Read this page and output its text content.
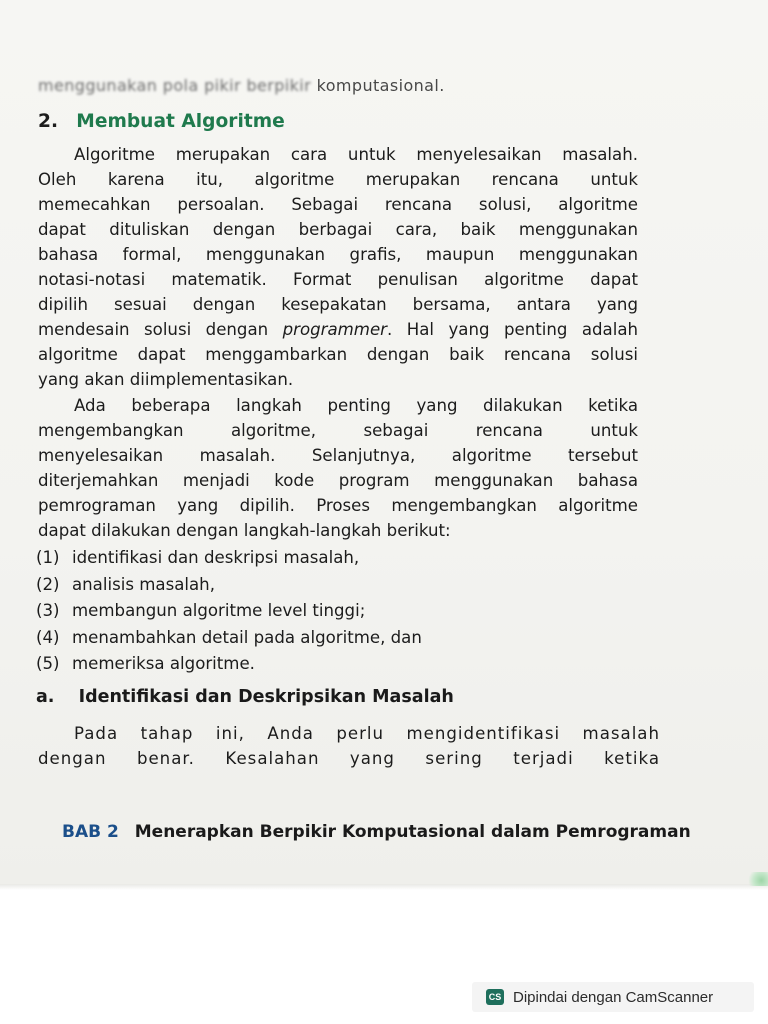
menggunakan pola pikir berpikir komputasional.
2. Membuat Algoritme
Algoritme merupakan cara untuk menyelesaikan masalah.
Oleh karena itu, algoritme merupakan rencana untuk
memecahkan persoalan. Sebagai rencana solusi, algoritme
dapat dituliskan dengan berbagai cara, baik menggunakan
bahasa formal, menggunakan grafis, maupun menggunakan
notasi-notasi matematik. Format penulisan algoritme dapat
dipilih sesuai dengan kesepakatan bersama, antara yang
mendesain solusi dengan programmer. Hal yang penting adalah
algoritme dapat menggambarkan dengan baik rencana solusi
yang akan diimplementasikan.
Ada beberapa langkah penting yang dilakukan ketika
mengembangkan algoritme, sebagai rencana untuk
menyelesaikan masalah. Selanjutnya, algoritme tersebut
diterjemahkan menjadi kode program menggunakan bahasa
pemrograman yang dipilih. Proses mengembangkan algoritme
dapat dilakukan dengan langkah-langkah berikut:
(1) identifikasi dan deskripsi masalah,
(2) analisis masalah,
(3) membangun algoritme level tinggi;
(4) menambahkan detail pada algoritme, dan
(5) memeriksa algoritme.
a. Identifikasi dan Deskripsikan Masalah
Pada tahap ini, Anda perlu mengidentifikasi masalah
dengan benar. Kesalahan yang sering terjadi ketika
BAB 2 Menerapkan Berpikir Komputasional dalam Pemrograman
CS Dipindai dengan CamScanner
